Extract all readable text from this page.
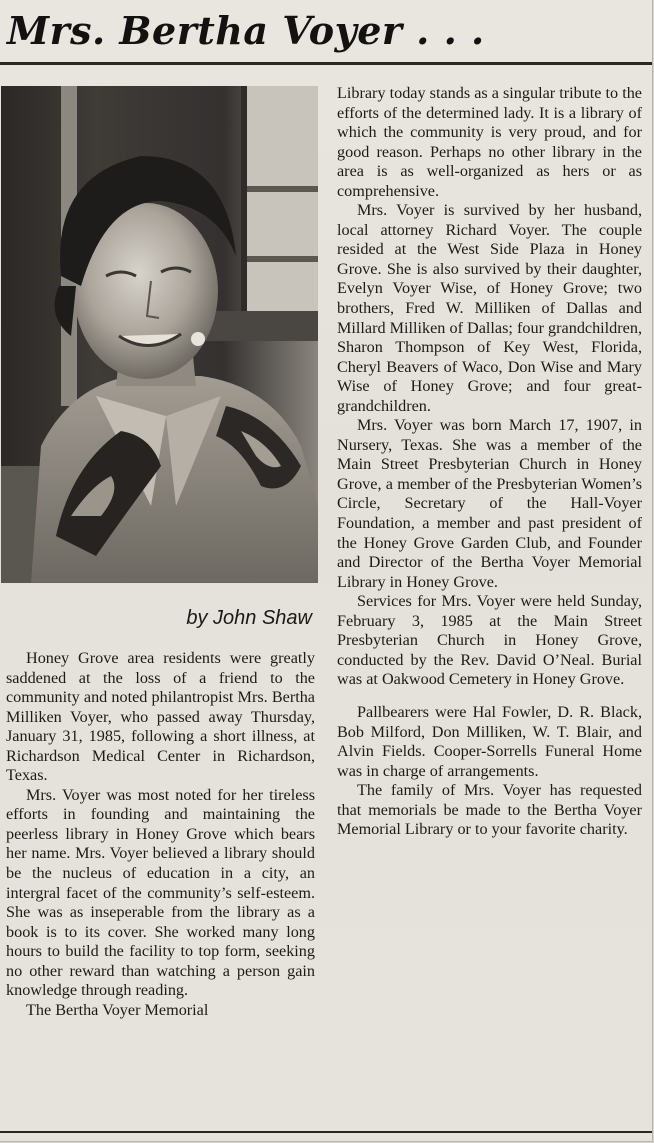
Mrs. Bertha Voyer . . .
by John Shaw

Honey Grove area residents were greatly saddened at the loss of a friend to the community and noted philantropist Mrs. Bertha Milliken Voyer, who passed away Thursday, January 31, 1985, following a short illness, at Richardson Medical Center in Richardson, Texas.

Mrs. Voyer was most noted for her tireless efforts in founding and maintaining the peerless library in Honey Grove which bears her name. Mrs. Voyer believed a library should be the nucleus of education in a city, an intergral facet of the community’s self-esteem. She was as inseperable from the library as a book is to its cover. She worked many long hours to build the facility to top form, seeking no other reward than watching a person gain knowledge through reading.

The Bertha Voyer Memorial

Library today stands as a singular tribute to the efforts of the determined lady. It is a library of which the community is very proud, and for good reason. Perhaps no other library in the area is as well-organized as hers or as comprehensive.

Mrs. Voyer is survived by her husband, local attorney Richard Voyer. The couple resided at the West Side Plaza in Honey Grove. She is also survived by their daughter, Evelyn Voyer Wise, of Honey Grove; two brothers, Fred W. Milliken of Dallas and Millard Milliken of Dallas; four grandchildren, Sharon Thompson of Key West, Florida, Cheryl Beavers of Waco, Don Wise and Mary Wise of Honey Grove; and four great-grandchildren.

Mrs. Voyer was born March 17, 1907, in Nursery, Texas. She was a member of the Main Street Presbyterian Church in Honey Grove, a member of the Presbyterian Women’s Circle, Secretary of the Hall-Voyer Foundation, a member and past president of the Honey Grove Garden Club, and Founder and Director of the Bertha Voyer Memorial Library in Honey Grove.

Services for Mrs. Voyer were held Sunday, February 3, 1985 at the Main Street Presbyterian Church in Honey Grove, conducted by the Rev. David O’Neal. Burial was at Oakwood Cemetery in Honey Grove.

Pallbearers were Hal Fowler, D. R. Black, Bob Milford, Don Milliken, W. T. Blair, and Alvin Fields. Cooper-Sorrells Funeral Home was in charge of arrangements.

The family of Mrs. Voyer has requested that memorials be made to the Bertha Voyer Memorial Library or to your favorite charity.
